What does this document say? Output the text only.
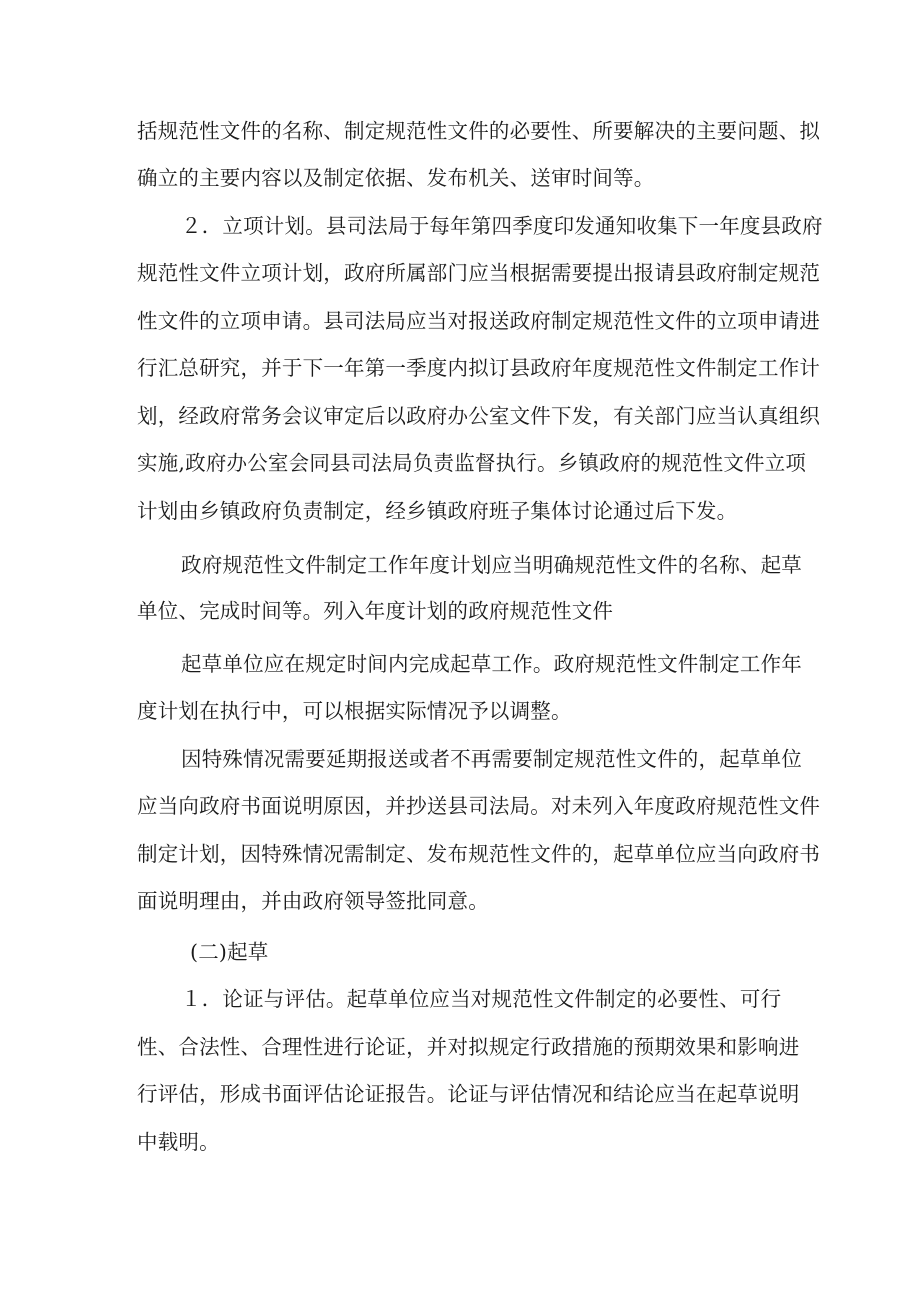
括规范性文件的名称、制定规范性文件的必要性、所要解决的主要问题、拟
确立的主要内容以及制定依据、发布机关、送审时间等。
２．立项计划。县司法局于每年第四季度印发通知收集下一年度县政府
规范性文件立项计划，政府所属部门应当根据需要提出报请县政府制定规范
性文件的立项申请。县司法局应当对报送政府制定规范性文件的立项申请进
行汇总研究，并于下一年第一季度内拟订县政府年度规范性文件制定工作计
划，经政府常务会议审定后以政府办公室文件下发，有关部门应当认真组织
实施,政府办公室会同县司法局负责监督执行。乡镇政府的规范性文件立项
计划由乡镇政府负责制定，经乡镇政府班子集体讨论通过后下发。
政府规范性文件制定工作年度计划应当明确规范性文件的名称、起草
单位、完成时间等。列入年度计划的政府规范性文件
起草单位应在规定时间内完成起草工作。政府规范性文件制定工作年
度计划在执行中，可以根据实际情况予以调整。
因特殊情况需要延期报送或者不再需要制定规范性文件的，起草单位
应当向政府书面说明原因，并抄送县司法局。对未列入年度政府规范性文件
制定计划，因特殊情况需制定、发布规范性文件的，起草单位应当向政府书
面说明理由，并由政府领导签批同意。
(二)起草
１．论证与评估。起草单位应当对规范性文件制定的必要性、可行
性、合法性、合理性进行论证，并对拟规定行政措施的预期效果和影响进
行评估，形成书面评估论证报告。论证与评估情况和结论应当在起草说明
中载明。
